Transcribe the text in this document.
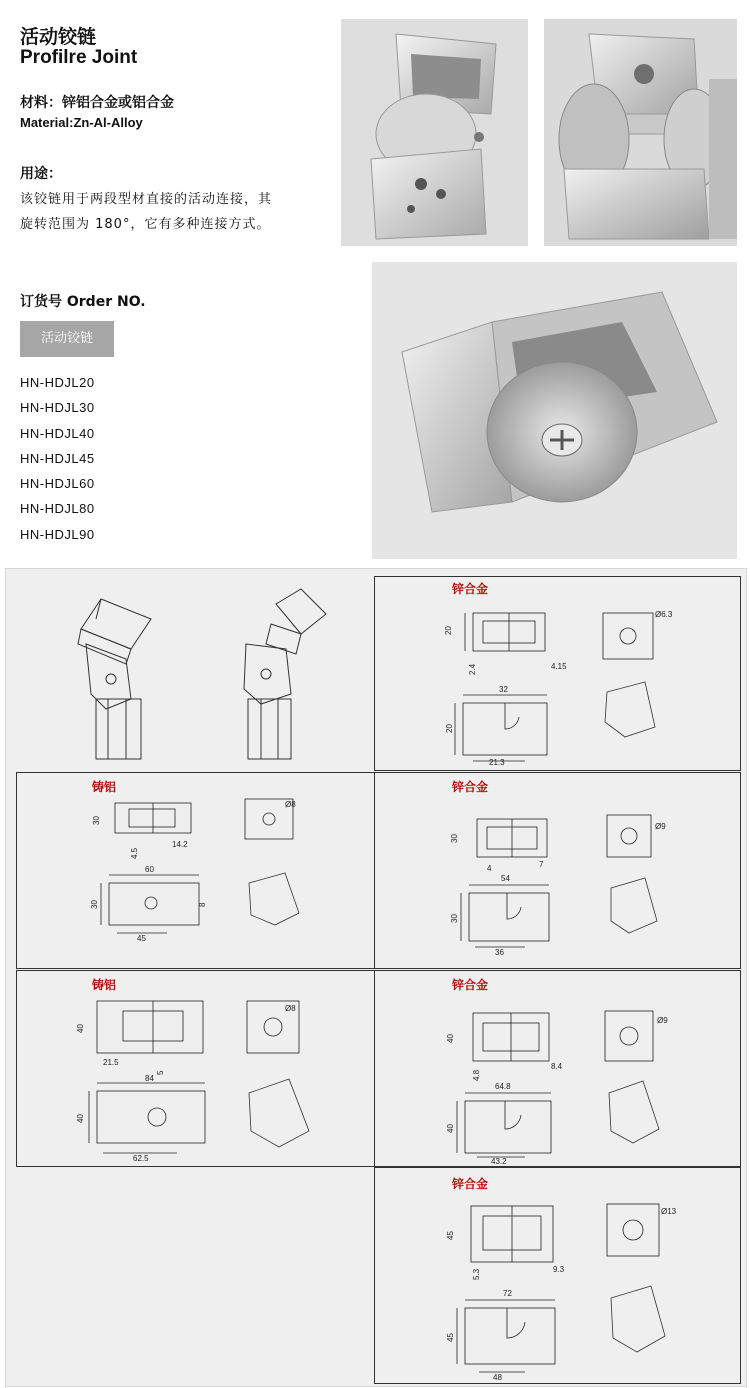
活动铰链
Profilre Joint
材料：锌铝合金或铝合金
Material:Zn-Al-Alloy
用途：
该铰链用于两段型材直接的活动连接，其旋转范围为 180°，它有多种连接方式。
订货号 Order NO.
活动铰链
HN-HDJL20
HN-HDJL30
HN-HDJL40
HN-HDJL45
HN-HDJL60
HN-HDJL80
HN-HDJL90
锌合金
20
2.4	4.15
Ø6.3
32
20
21.3
铸铝
30
4.5
14.2
Ø8
60
30
45
8
锌合金
30
4	7
Ø9
54
30
36
铸铝
40
21.5
5
Ø8
84
40
62.5
锌合金
40
4.8
8.4
Ø9
64.8
40
43.2
锌合金
45
5.3	9.3
Ø13
72
45
48
